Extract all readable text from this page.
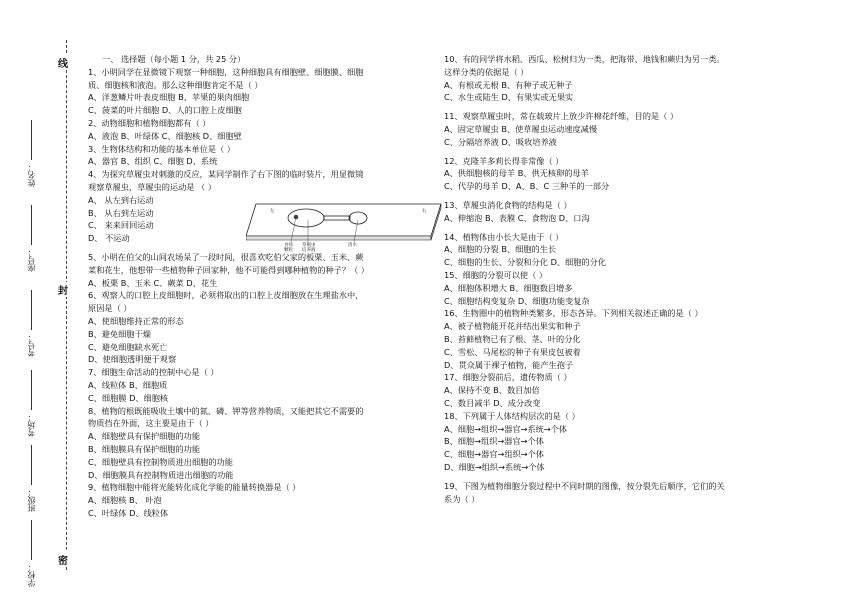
线
封
密
姓名：
座号：
考号：
考场：
班级：
学校：
一、 选择题（每小题 1 分，共 25 分）
1、小明同学在显微镜下观察一种细胞，这种细胞具有细胞壁、细胞膜、细胞
质、细胞核和液泡。那么这种细胞肯定不是（ ）
A、洋葱鳞片叶表皮细胞 B、苹果的果肉细胞
C、菠菜的叶片细胞 D、人的口腔上皮细胞
2、动物细胞和植物细胞都有（ ）
A、液泡 B、叶绿体 C、细胞核 D、细胞壁
3、生物体结构和功能的基本单位是（ ）
A、器官 B、组织 C、细胞 D、系统
4、为探究草履虫对刺激的反应，某同学制作了右下图的临时装片，用显微镜
观察草履虫，草履虫的运动是 （ ）
A、 从左到右运动
左	右
食盐
颗粒
草履虫
培养液
清水
B、 从右到左运动
C、 来来回回运动
D、 不运动
5、小明在伯父的山间农场呆了一段时间，很喜欢吃伯父家的板栗、玉米、蕨
菜和花生，他想带一些植物种子回家种，他不可能得到哪种植物的种子？（ ）
A、板栗 B、玉米 C、蕨菜 D、花生
6、观察人的口腔上皮细胞时，必须将取出的口腔上皮细胞放在生理盐水中，
原因是（ ）
A、使细胞维持正常的形态
B、避免细胞干燥
C、避免细胞缺水死亡
D、使细胞透明便于观察
7、细胞生命活动的控制中心是（ ）
A、线粒体 B、细胞质
C、细胞膜 D、细胞核
8、植物的根既能吸收土壤中的氮、磷、钾等营养物质，又能把其它不需要的
物质挡在外面，这主要是由于（ ）
A、细胞壁具有保护细胞的功能
B、细胞膜具有保护细胞的功能
C、细胞壁具有控制物质进出细胞的功能
D、细胞膜具有控制物质进出细胞的功能
9、植物细胞中能将光能转化成化学能的能量转换器是（ ）
A、细胞核 B、 叶泡
C、叶绿体 D、线粒体
10、有的同学将水稻、西瓜、松树归为一类，把海带、地钱和蕨归为另一类。
这样分类的依据是（ ）
A、有根或无根 B、有种子或无种子
C、水生或陆生 D、有果实或无果实
11、观察草履虫时，常在载玻片上放少许棉花纤维，目的是（ ）
A、固定草履虫 B、使草履虫运动速度减慢
C、分隔培养液 D、吸收培养液
12、克隆羊多莉长得非常像（ ）
A、供细胞核的母羊 B、供无核卵的母羊
C、代孕的母羊 D、A、B、C 三种羊的一部分
13、草履虫消化食物的结构是（ ）
A、伸缩泡 B、表膜 C、食物泡 D、口沟
14、植物体由小长大是由于（ ）
A、细胞的分裂 B、细胞的生长
C、细胞的生长、分裂和分化 D、细胞的分化
15、细胞的分裂可以使（ ）
A、细胞体积增大 B、细胞数目增多
C、细胞结构变复杂 D、细胞功能变复杂
16、生物圈中的植物种类繁多，形态各异。下列相关叙述正确的是（ ）
A、被子植物能开花并结出果实和种子
B、苔藓植物已有了根、茎、叶的分化
C、雪松、马尾松的种子有果皮包被着
D、贯众属于裸子植物，能产生孢子
17、细胞分裂前后，遗传物质（ ）
A、保持不变 B、数目加倍
C、数目减半 D、成分改变
18、下列属于人体结构层次的是（ ）
A、细胞→组织→器官→系统→个体
B、细胞→组织→器官→个体
C、细胞→器官→组织→个体
D、细胞→组织→系统→个体
19、下图为植物细胞分裂过程中不同时期的图像，按分裂先后顺序，它们的关
系为（ ）
